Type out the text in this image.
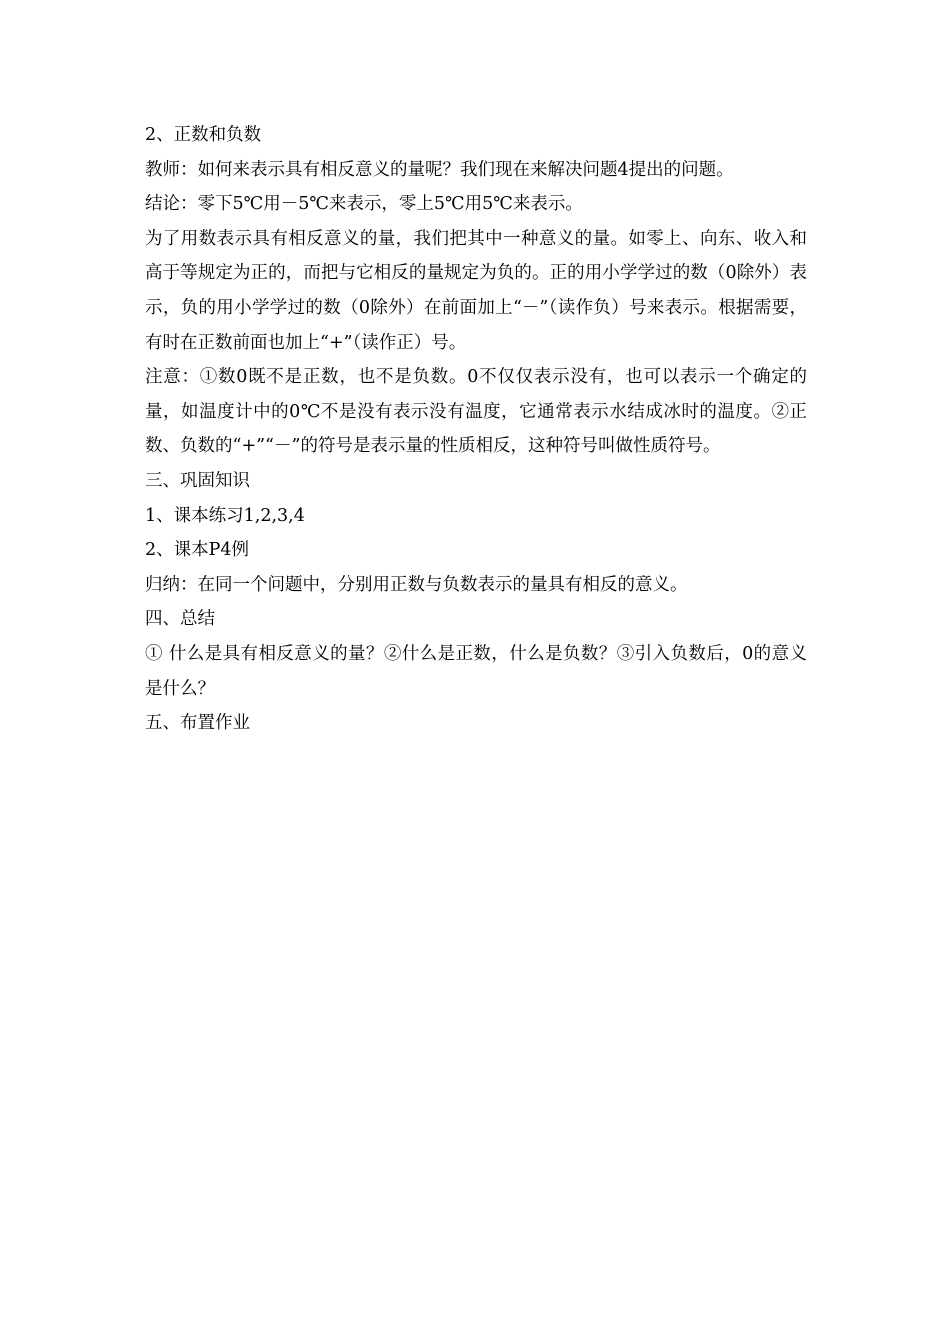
2、正数和负数

教师：如何来表示具有相反意义的量呢？我们现在来解决问题4提出的问题。

结论：零下5℃用－5℃来表示，零上5℃用5℃来表示。

为了用数表示具有相反意义的量，我们把其中一种意义的量。如零上、向东、收入和高于等规定为正的，而把与它相反的量规定为负的。正的用小学学过的数（0除外）表示，负的用小学学过的数（0除外）在前面加上“－”（读作负）号来表示。根据需要，有时在正数前面也加上“+”（读作正）号。

注意：①数0既不是正数，也不是负数。0不仅仅表示没有，也可以表示一个确定的量，如温度计中的0℃不是没有表示没有温度，它通常表示水结成冰时的温度。②正数、负数的“+”“－”的符号是表示量的性质相反，这种符号叫做性质符号。

三、巩固知识

1、课本练习1,2,3,4

2、课本P4例

归纳：在同一个问题中，分别用正数与负数表示的量具有相反的意义。

四、总结

① 什么是具有相反意义的量？②什么是正数，什么是负数？③引入负数后，0的意义是什么？

五、布置作业
